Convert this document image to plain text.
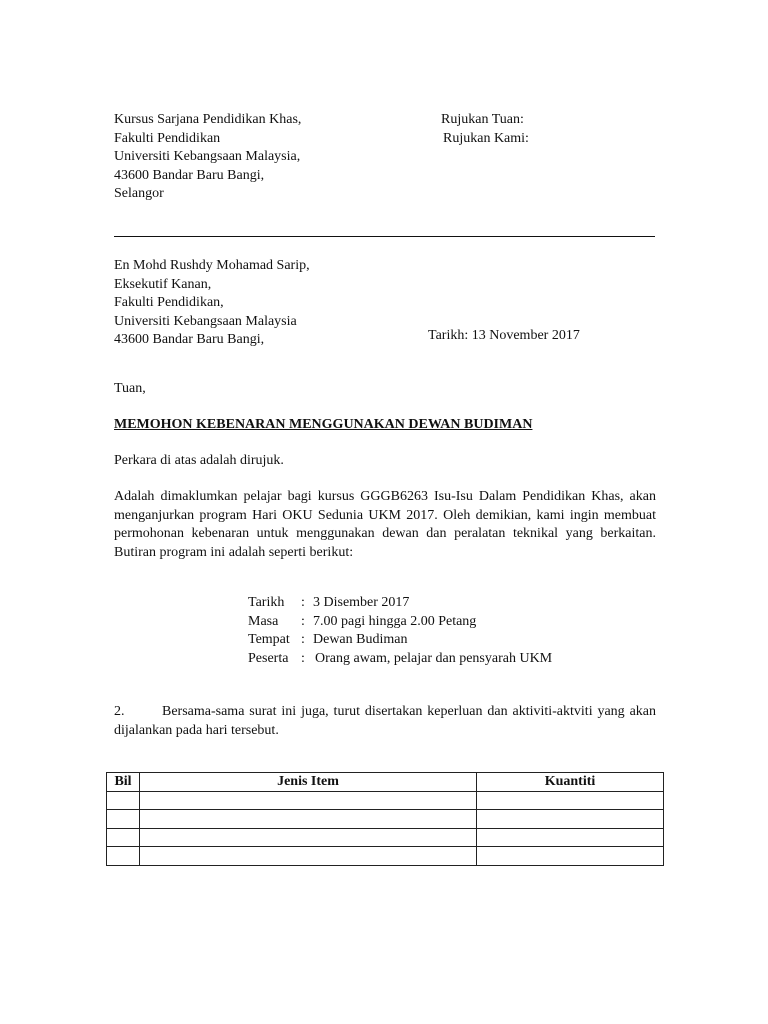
Kursus Sarjana Pendidikan Khas,
Fakulti Pendidikan
Universiti Kebangsaan Malaysia,
43600 Bandar Baru Bangi,
Selangor
Rujukan Tuan:
Rujukan Kami:
En Mohd Rushdy Mohamad Sarip,
Eksekutif Kanan,
Fakulti Pendidikan,
Universiti Kebangsaan Malaysia
43600 Bandar Baru Bangi,	Tarikh: 13 November 2017
Tuan,
MEMOHON KEBENARAN MENGGUNAKAN DEWAN BUDIMAN
Perkara di atas adalah dirujuk.
Adalah dimaklumkan pelajar bagi kursus GGGB6263 Isu-Isu Dalam Pendidikan Khas, akan menganjurkan program Hari OKU Sedunia UKM 2017. Oleh demikian, kami ingin membuat permohonan kebenaran untuk menggunakan dewan dan peralatan teknikal yang berkaitan. Butiran program ini adalah seperti berikut:
Tarikh : 3 Disember 2017
Masa : 7.00 pagi hingga 2.00 Petang
Tempat : Dewan Budiman
Peserta : Orang awam, pelajar dan pensyarah UKM
2.	Bersama-sama surat ini juga, turut disertakan keperluan dan aktiviti-aktviti yang akan dijalankan pada hari tersebut.
Bil	Jenis Item	Kuantiti
